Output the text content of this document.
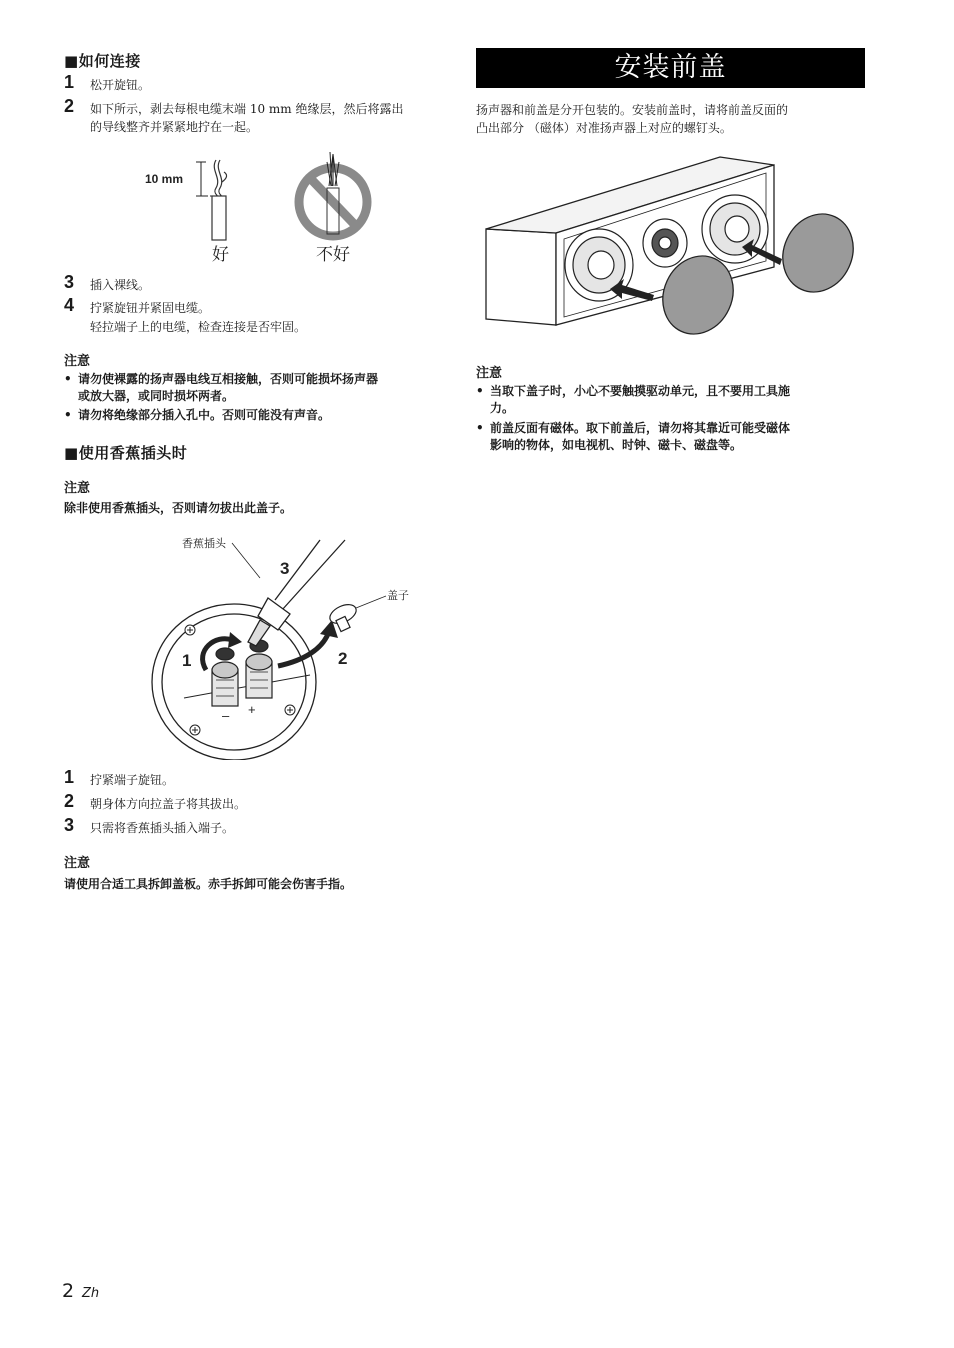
■如何连接
1 松开旋钮。
2 如下所示，剥去每根电缆末端 10 mm 绝缘层，然后将露出
的导线整齐并紧紧地拧在一起。
10 mm
好	不好
3 插入裸线。
4 拧紧旋钮并紧固电缆。
轻拉端子上的电缆，检查连接是否牢固。
注意
• 请勿使裸露的扬声器电线互相接触，否则可能损坏扬声器
或放大器，或同时损坏两者。
• 请勿将绝缘部分插入孔中。否则可能没有声音。
■使用香蕉插头时
注意
除非使用香蕉插头，否则请勿拔出此盖子。
香蕉插头
盖子
– +
3
1	2
1 拧紧端子旋钮。
2 朝身体方向拉盖子将其拔出。
3 只需将香蕉插头插入端子。
注意
请使用合适工具拆卸盖板。赤手拆卸可能会伤害手指。
安装前盖
扬声器和前盖是分开包装的。安装前盖时，请将前盖反面的
凸出部分 （磁体）对准扬声器上对应的螺钉头。
注意
• 当取下盖子时，小心不要触摸驱动单元，且不要用工具施
力。
• 前盖反面有磁体。取下前盖后，请勿将其靠近可能受磁体
影响的物体，如电视机、时钟、磁卡、磁盘等。
2 Zh
